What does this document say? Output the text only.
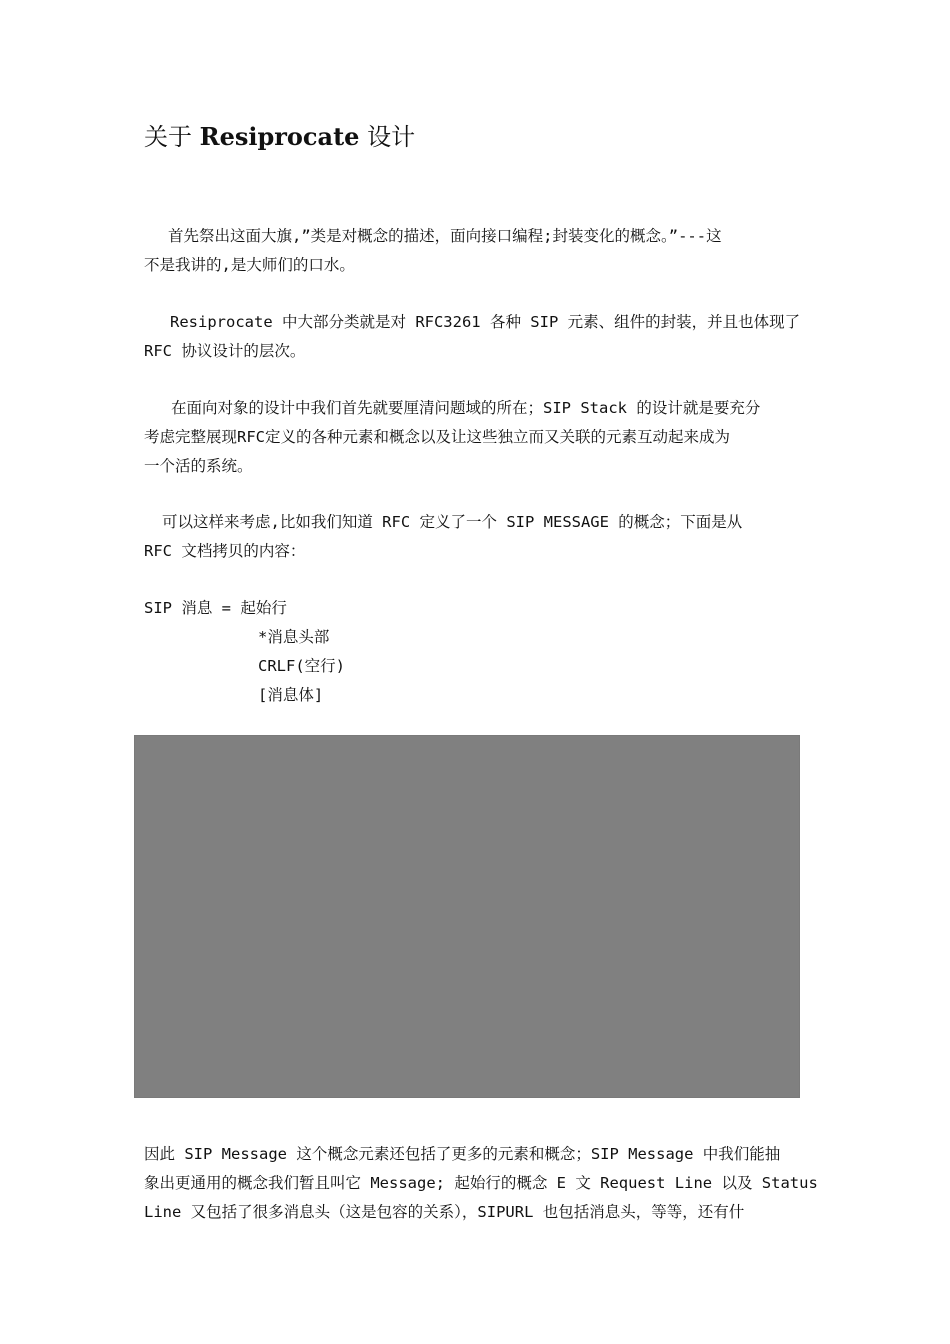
关于 Resiprocate 设计
首先祭出这面大旗,”类是对概念的描述，面向接口编程;封装变化的概念。”---这
不是我讲的,是大师们的口水。
Resiprocate 中大部分类就是对 RFC3261 各种 SIP 元素、组件的封装，并且也体现了
RFC 协议设计的层次。
在面向对象的设计中我们首先就要厘清问题域的所在；SIP Stack 的设计就是要充分
考虑完整展现RFC定义的各种元素和概念以及让这些独立而又关联的元素互动起来成为
一个活的系统。
可以这样来考虑,比如我们知道 RFC 定义了一个 SIP MESSAGE 的概念；下面是从
RFC 文档拷贝的内容：
SIP 消息 = 起始行
*消息头部
CRLF(空行)
[消息体]
因此 SIP Message 这个概念元素还包括了更多的元素和概念；SIP Message 中我们能抽
象出更通用的概念我们暂且叫它 Message; 起始行的概念 E 文 Request Line 以及 Status
Line 又包括了很多消息头（这是包容的关系），SIPURL 也包括消息头，等等，还有什
